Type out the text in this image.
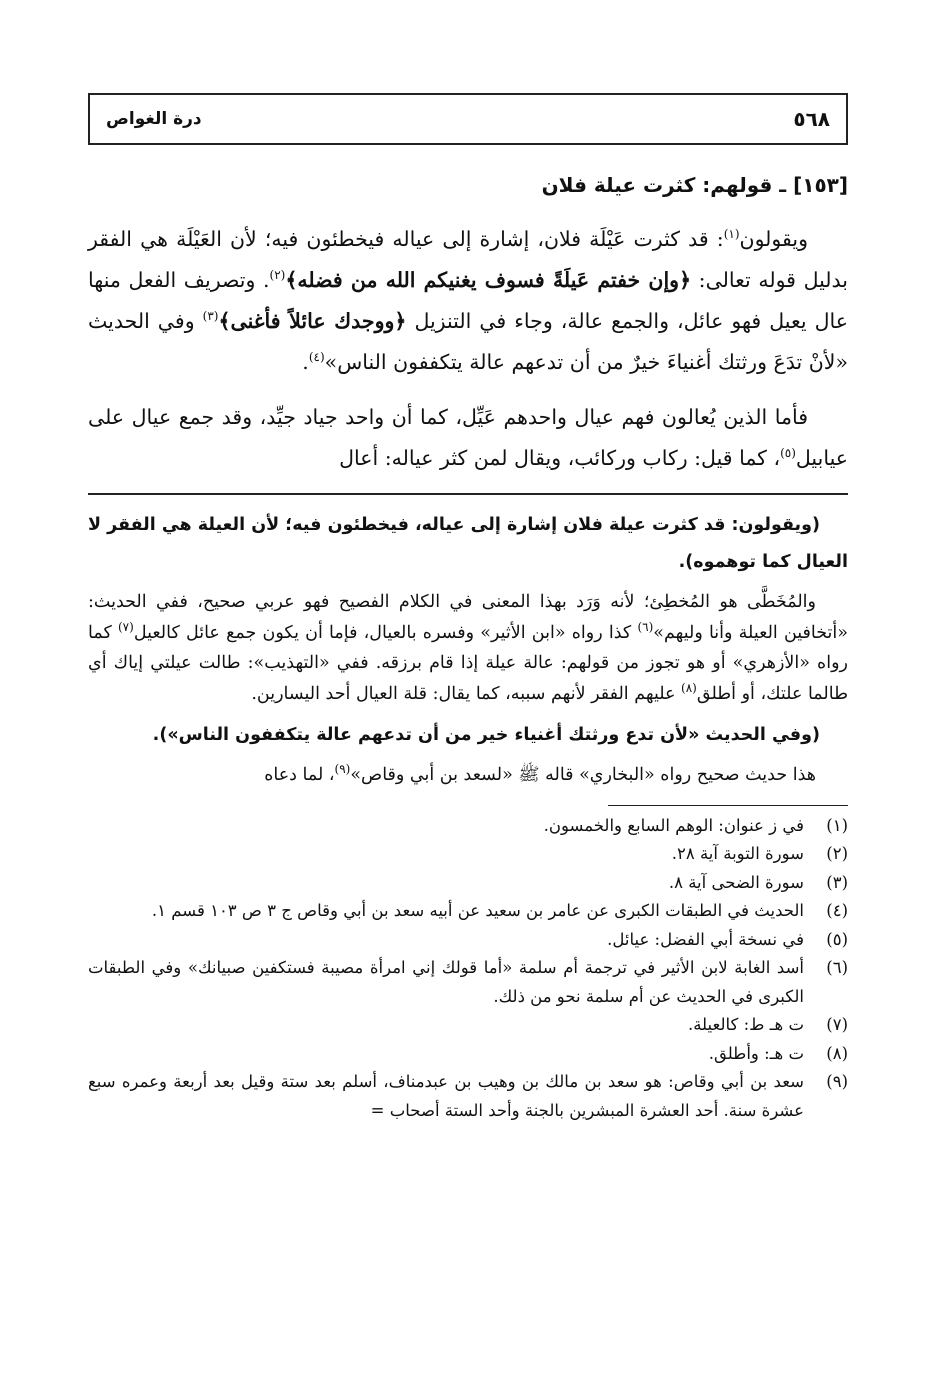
٥٦٨
درة الغواص
[١٥٣] ـ قولهم: كثرت عيلة فلان

ويقولون$^{(١)}$: قد كثرت عَيْلَة فلان، إشارة إلى عياله فيخطئون فيه؛ لأن العَيْلَة هي الفقر بدليل قوله تعالى: ﴿وإن خفتم عَيلَةً فسوف يغنيكم الله من فضله﴾$^{(٢)}$. وتصريف الفعل منها عال يعيل فهو عائل، والجمع عالة، وجاء في التنزيل ﴿ووجدك عائلاً فأغنى﴾$^{(٣)}$ وفي الحديث «لأنْ تدَعَ ورثتك أغنياءَ خيرٌ من أن تدعهم عالة يتكففون الناس»$^{(٤)}$.

فأما الذين يُعالون فهم عيال واحدهم عَيِّل، كما أن واحد جياد جيِّد، وقد جمع عيال على عيابيل$^{(٥)}$، كما قيل: ركاب وركائب، ويقال لمن كثر عياله: أعال

(ويقولون: قد كثرت عيلة فلان إشارة إلى عياله، فيخطئون فيه؛ لأن العيلة هي الفقر لا العيال كما توهموه).

والمُخَطَّى هو المُخطِئ؛ لأنه وَرَد بهذا المعنى في الكلام الفصيح فهو عربي صحيح، ففي الحديث: «أتخافين العيلة وأنا وليهم»$^{(٦)}$ كذا رواه «ابن الأثير» وفسره بالعيال، فإما أن يكون جمع عائل كالعيل$^{(٧)}$ كما رواه «الأزهري» أو هو تجوز من قولهم: عالة عيلة إذا قام برزقه. ففي «التهذيب»: طالت عيلتي إياك أي طالما علتك، أو أطلق$^{(٨)}$ عليهم الفقر لأنهم سببه، كما يقال: قلة العيال أحد اليسارين.

(وفي الحديث «لأن تدع ورثتك أغنياء خير من أن تدعهم عالة يتكففون الناس»).

هذا حديث صحيح رواه «البخاري» قاله ﷺ «لسعد بن أبي وقاص»$^{(٩)}$، لما دعاه

(١)
في ز عنوان: الوهم السابع والخمسون.
(٢)
سورة التوبة آية ٢٨.
(٣)
سورة الضحى آية ٨.
(٤)
الحديث في الطبقات الكبرى عن عامر بن سعيد عن أبيه سعد بن أبي وقاص ج ٣ ص ١٠٣ قسم ١.
(٥)
في نسخة أبي الفضل: عيائل.
(٦)
أسد الغابة لابن الأثير في ترجمة أم سلمة «أما قولك إني امرأة مصيبة فستكفين صبيانك» وفي الطبقات الكبرى في الحديث عن أم سلمة نحو من ذلك.
(٧)
ت هـ ط: كالعيلة.
(٨)
ت هـ: وأطلق.
(٩)
سعد بن أبي وقاص: هو سعد بن مالك بن وهيب بن عبدمناف، أسلم بعد ستة وقيل بعد أربعة وعمره سبع عشرة سنة. أحد العشرة المبشرين بالجنة وأحد الستة أصحاب =
